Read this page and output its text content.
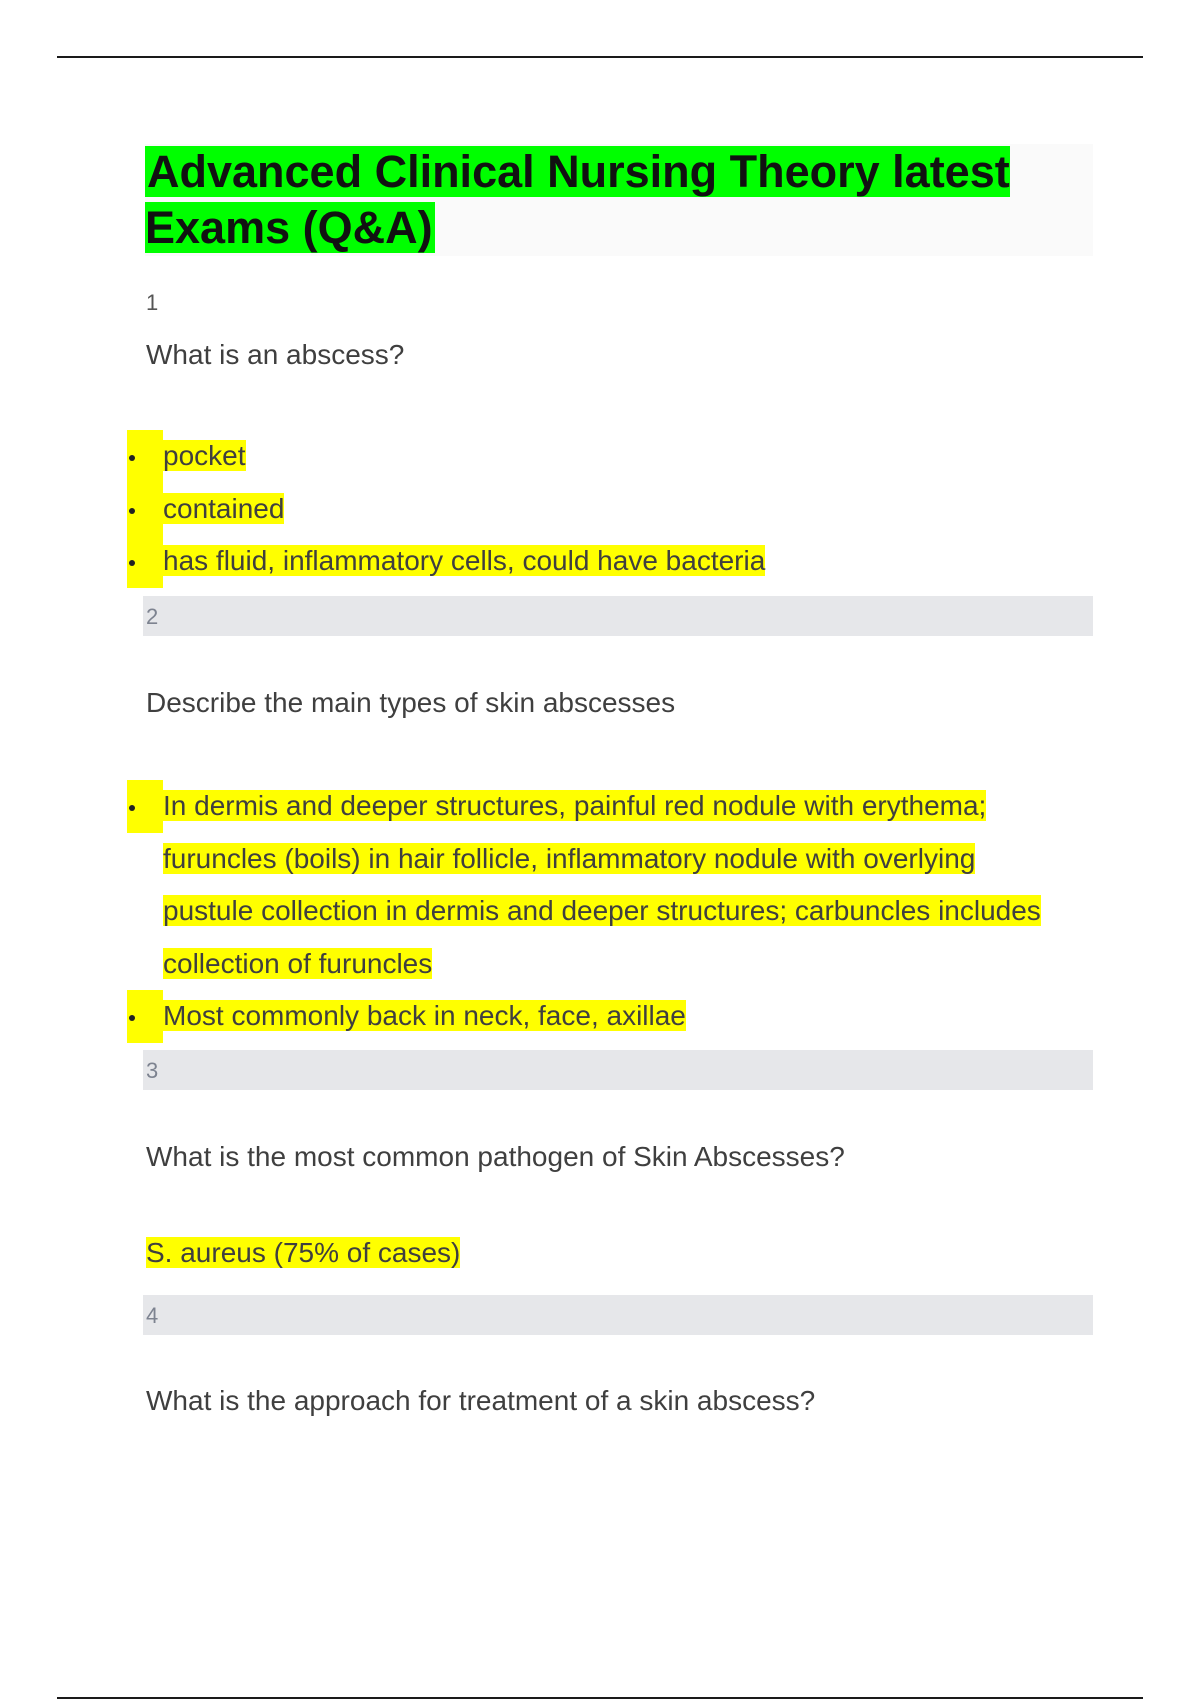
Advanced Clinical Nursing Theory latest Exams (Q&A)
1

What is an abscess?

pocket
contained
has fluid, inflammatory cells, could have bacteria
2

Describe the main types of skin abscesses

In dermis and deeper structures, painful red nodule with erythema; furuncles (boils) in hair follicle, inflammatory nodule with overlying pustule collection in dermis and deeper structures; carbuncles includes collection of furuncles
Most commonly back in neck, face, axillae
3

What is the most common pathogen of Skin Abscesses?

S. aureus (75% of cases)

4

What is the approach for treatment of a skin abscess?
